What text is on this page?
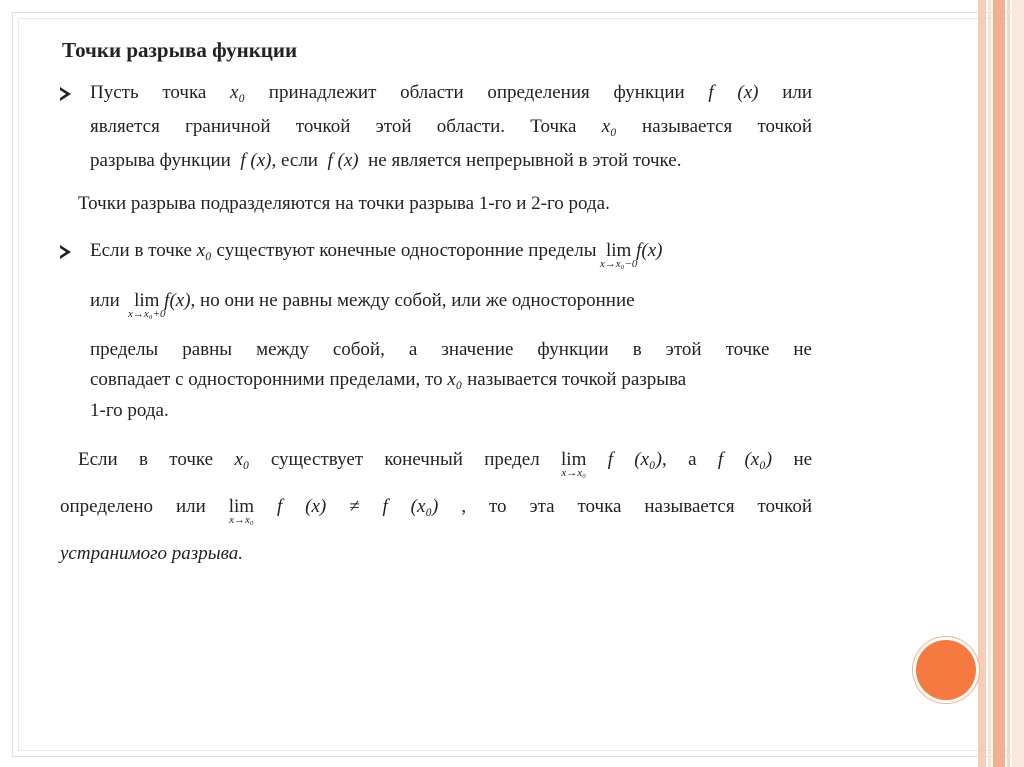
Точки разрыва функции
Пусть точка x₀ принадлежит области определения функции f (x) или
является граничной точкой этой области. Точка x₀ называется точкой
разрыва функции f (x), если f (x) не является непрерывной в этой точке.
Точки разрыва подразделяются на точки разрыва 1-го и 2-го рода.
Если в точке x₀ существуют конечные односторонние пределы lim
x→x₀−0
f(x)
или lim
x→x₀+0
f(x), но они не равны между собой, или же односторонние
пределы равны между собой, а значение функции в этой точке не
совпадает с односторонними пределами, то x₀ называется точкой разрыва
1-го рода.
Если в точке x₀ существует конечный предел lim
x→x₀
f (x₀), а f (x₀) не
определено или lim
x→x₀
f (x) ≠ f (x₀) , то эта точка называется точкой
устранимого разрыва.
